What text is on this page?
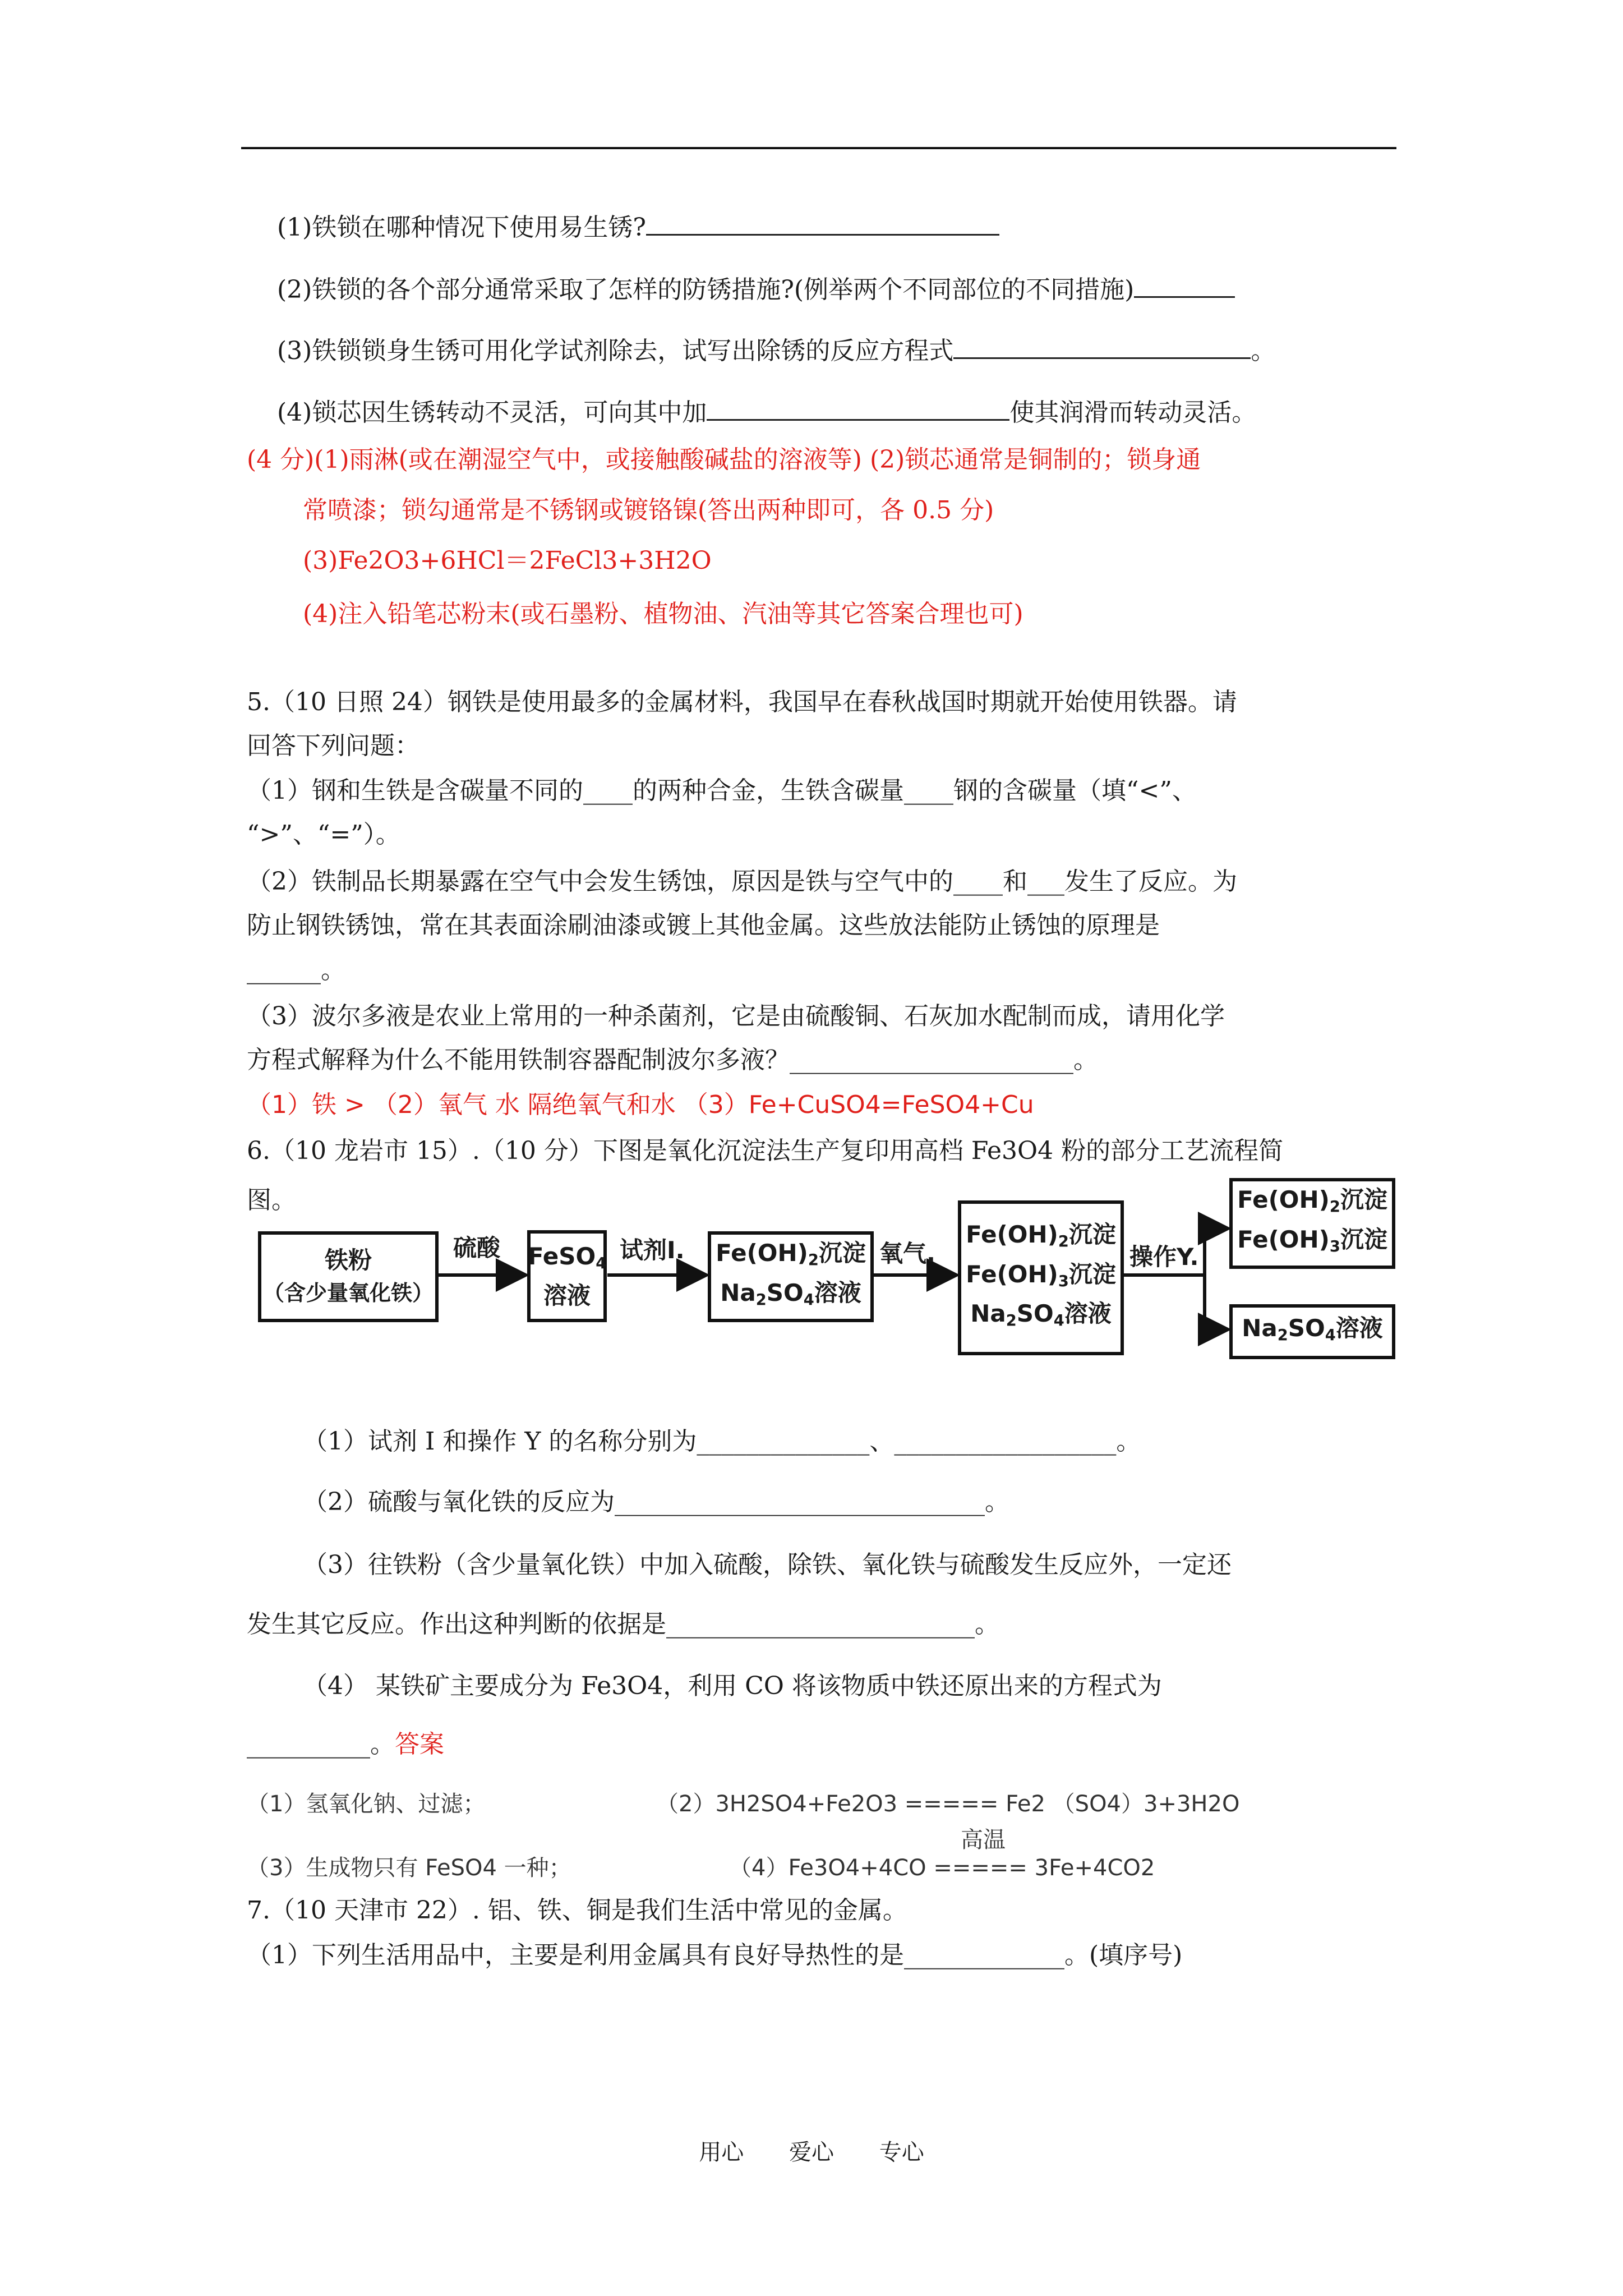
(1)铁锁在哪种情况下使用易生锈?
(2)铁锁的各个部分通常采取了怎样的防锈措施?(例举两个不同部位的不同措施)
(3)铁锁锁身生锈可用化学试剂除去，试写出除锈的反应方程式	。
(4)锁芯因生锈转动不灵活，可向其中加	使其润滑而转动灵活。
(4 分)(1)雨淋(或在潮湿空气中，或接触酸碱盐的溶液等) (2)锁芯通常是铜制的；锁身通
常喷漆；锁勾通常是不锈钢或镀铬镍(答出两种即可，各 0.5 分)
(3)Fe2O3+6HCl＝2FeCl3+3H2O
(4)注入铅笔芯粉末(或石墨粉、植物油、汽油等其它答案合理也可)
5.（10 日照 24）钢铁是使用最多的金属材料，我国早在春秋战国时期就开始使用铁器。请
回答下列问题：
（1）钢和生铁是含碳量不同的____的两种合金，生铁含碳量____钢的含碳量（填“<”、
“>”、“=”）。
（2）铁制品长期暴露在空气中会发生锈蚀，原因是铁与空气中的____和___发生了反应。为
防止钢铁锈蚀，常在其表面涂刷油漆或镀上其他金属。这些放法能防止锈蚀的原理是
______。
（3）波尔多液是农业上常用的一种杀菌剂，它是由硫酸铜、石灰加水配制而成，请用化学
方程式解释为什么不能用铁制容器配制波尔多液？_______________________。
（1）铁 > （2）氧气 水 隔绝氧气和水 （3）Fe+CuSO4=FeSO4+Cu
6.（10 龙岩市 15）.（10 分）下图是氧化沉淀法生产复印用高档 Fe3O4 粉的部分工艺流程简
图。
铁粉
（含少量氧化铁）
硫酸 FeSO$_4$
溶液
试剂I. $Fe(OH)_2$沉淀
$Na_2SO_4$溶液
氧气.
$Fe(OH)_2$沉淀
$Fe(OH)_3$沉淀
$Na_2SO_4$溶液
操作Y.
$Fe(OH)_2$沉淀
$Fe(OH)_3$沉淀
$Na_2SO_4$溶液
（1）试剂 I 和操作 Y 的名称分别为______________、__________________。
（2）硫酸与氧化铁的反应为______________________________。
（3）往铁粉（含少量氧化铁）中加入硫酸，除铁、氧化铁与硫酸发生反应外，一定还
发生其它反应。作出这种判断的依据是_________________________。
（4） 某铁矿主要成分为 Fe3O4，利用 CO 将该物质中铁还原出来的方程式为
__________。答案
（1）氢氧化钠、过滤；	（2）3H2SO4+Fe2O3 ===== Fe2 （SO4）3+3H2O
高温
（3）生成物只有 FeSO4 一种；	（4）Fe3O4+4CO ===== 3Fe+4CO2
7.（10 天津市 22）. 铝、铁、铜是我们生活中常见的金属。
（1）下列生活用品中，主要是利用金属具有良好导热性的是_____________。(填序号)
用心 爱心 专心
